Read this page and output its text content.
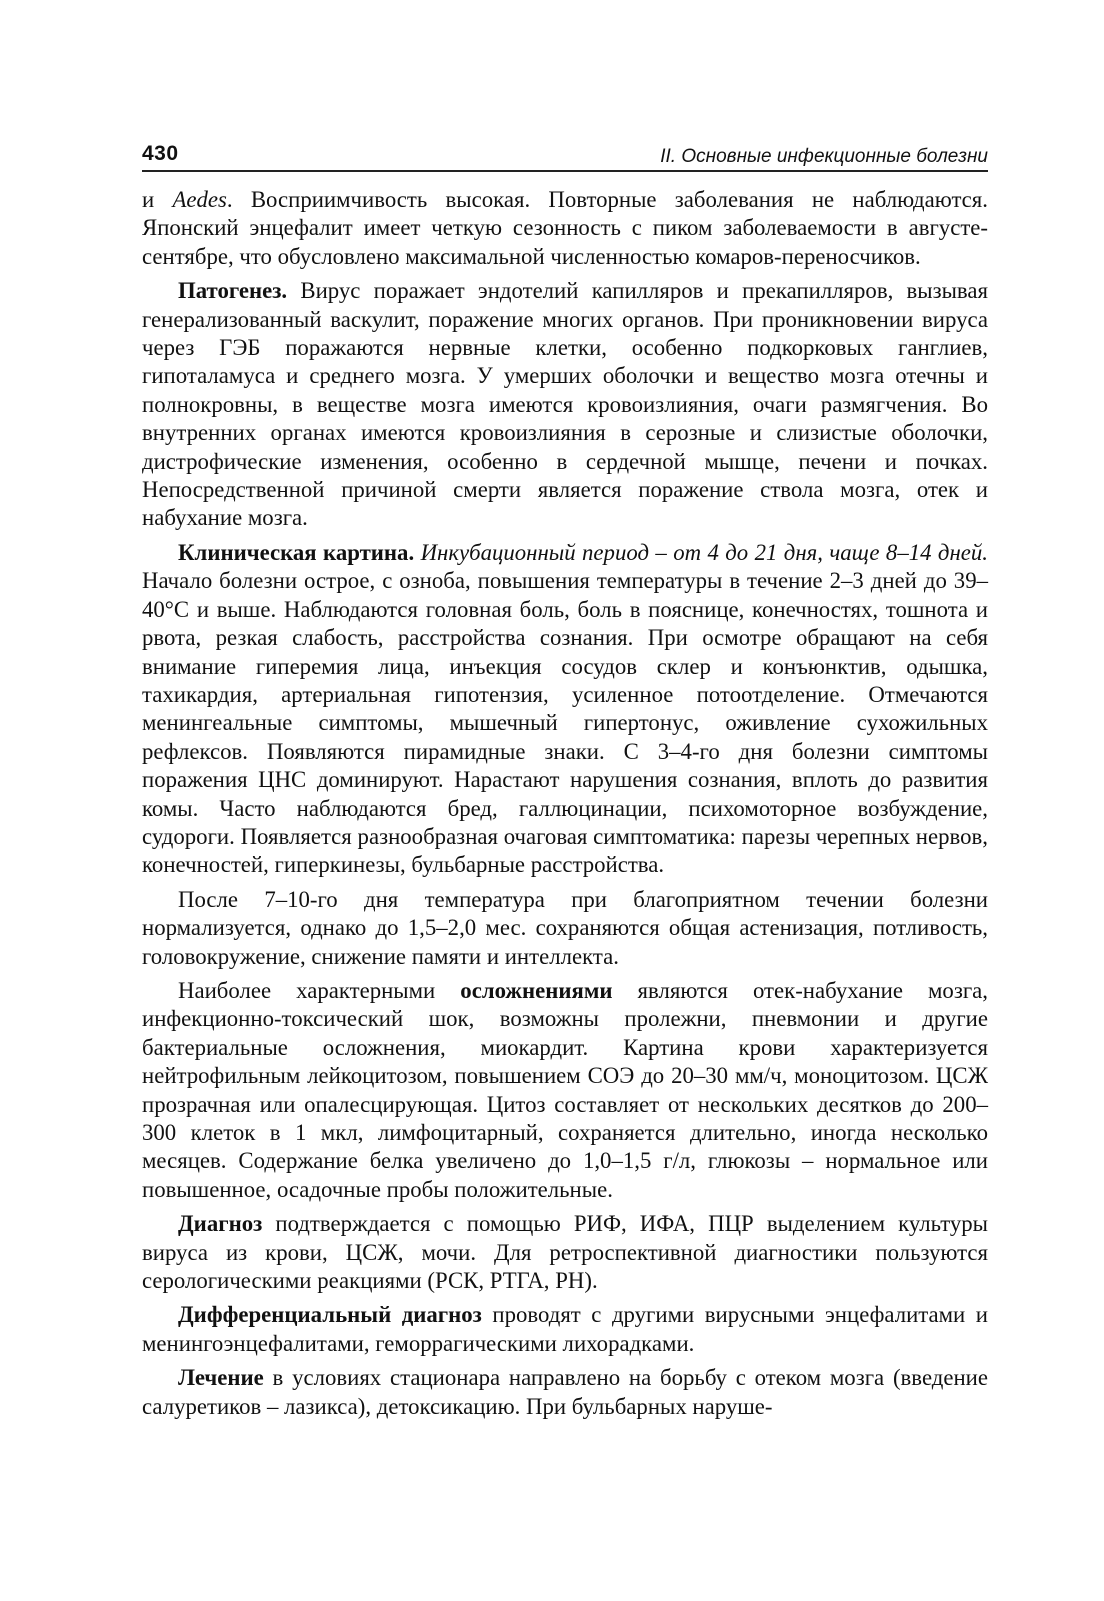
430	II. Основные инфекционные болезни

и Aedes. Восприимчивость высокая. Повторные заболевания не наблюдаются. Японский энцефалит имеет четкую сезонность с пиком заболеваемости в августе-сентябре, что обусловлено максимальной численностью комаров-переносчиков.

Патогенез. Вирус поражает эндотелий капилляров и прекапилляров, вызывая генерализованный васкулит, поражение многих органов. При проникновении вируса через ГЭБ поражаются нервные клетки, особенно подкорковых ганглиев, гипоталамуса и среднего мозга. У умерших оболочки и вещество мозга отечны и полнокровны, в веществе мозга имеются кровоизлияния, очаги размягчения. Во внутренних органах имеются кровоизлияния в серозные и слизистые оболочки, дистрофические изменения, особенно в сердечной мышце, печени и почках. Непосредственной причиной смерти является поражение ствола мозга, отек и набухание мозга.

Клиническая картина. Инкубационный период – от 4 до 21 дня, чаще 8–14 дней. Начало болезни острое, с озноба, повышения температуры в течение 2–3 дней до 39–40°С и выше. Наблюдаются головная боль, боль в пояснице, конечностях, тошнота и рвота, резкая слабость, расстройства сознания. При осмотре обращают на себя внимание гиперемия лица, инъекция сосудов склер и конъюнктив, одышка, тахикардия, артериальная гипотензия, усиленное потоотделение. Отмечаются менингеальные симптомы, мышечный гипертонус, оживление сухожильных рефлексов. Появляются пирамидные знаки. С 3–4-го дня болезни симптомы поражения ЦНС доминируют. Нарастают нарушения сознания, вплоть до развития комы. Часто наблюдаются бред, галлюцинации, психомоторное возбуждение, судороги. Появляется разнообразная очаговая симптоматика: парезы черепных нервов, конечностей, гиперкинезы, бульбарные расстройства.

После 7–10-го дня температура при благоприятном течении болезни нормализуется, однако до 1,5–2,0 мес. сохраняются общая астенизация, потливость, головокружение, снижение памяти и интеллекта.

Наиболее характерными осложнениями являются отек-набухание мозга, инфекционно-токсический шок, возможны пролежни, пневмонии и другие бактериальные осложнения, миокардит. Картина крови характеризуется нейтрофильным лейкоцитозом, повышением СОЭ до 20–30 мм/ч, моноцитозом. ЦСЖ прозрачная или опалесцирующая. Цитоз составляет от нескольких десятков до 200–300 клеток в 1 мкл, лимфоцитарный, сохраняется длительно, иногда несколько месяцев. Содержание белка увеличено до 1,0–1,5 г/л, глюкозы – нормальное или повышенное, осадочные пробы положительные.

Диагноз подтверждается с помощью РИФ, ИФА, ПЦР выделением культуры вируса из крови, ЦСЖ, мочи. Для ретроспективной диагностики пользуются серологическими реакциями (РСК, РТГА, РН).

Дифференциальный диагноз проводят с другими вирусными энцефалитами и менингоэнцефалитами, геморрагическими лихорадками.

Лечение в условиях стационара направлено на борьбу с отеком мозга (введение салуретиков – лазикса), детоксикацию. При бульбарных наруше-
